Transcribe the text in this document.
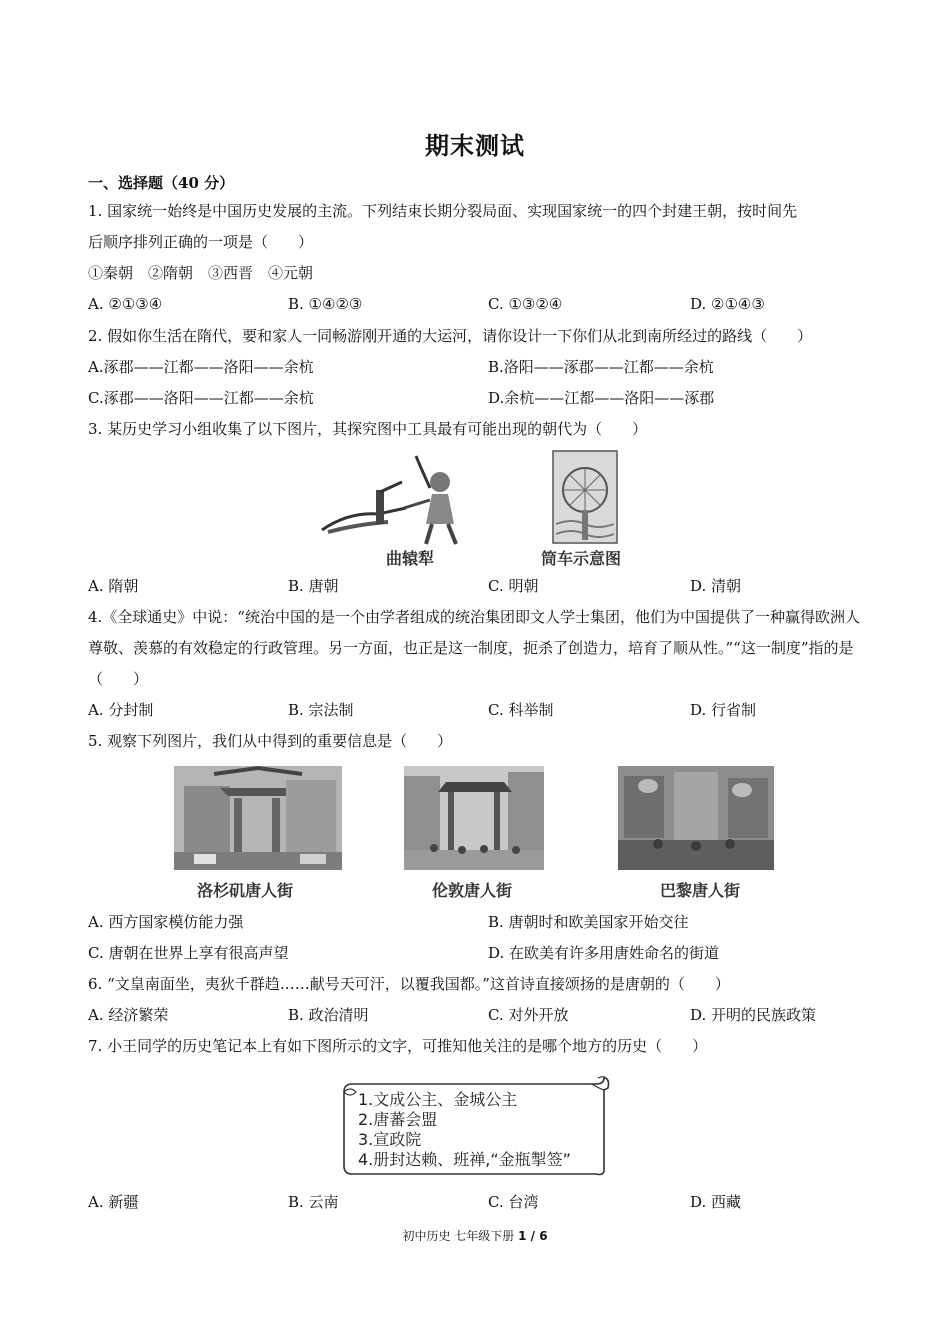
期末测试
一、选择题（40 分）
1. 国家统一始终是中国历史发展的主流。下列结束长期分裂局面、实现国家统一的四个封建王朝，按时间先
后顺序排列正确的一项是（　　）
①秦朝　②隋朝　③西晋　④元朝
A. ②①③④	B. ①④②③	C. ①③②④	D. ②①④③
2. 假如你生活在隋代，要和家人一同畅游刚开通的大运河，请你设计一下你们从北到南所经过的路线（　　）
A.涿郡——江都——洛阳——余杭	B.洛阳——涿郡——江都——余杭
C.涿郡——洛阳——江都——余杭	D.余杭——江都——洛阳——涿郡
3. 某历史学习小组收集了以下图片，其探究图中工具最有可能出现的朝代为（　　）
曲辕犁	筒车示意图
A. 隋朝	B. 唐朝	C. 明朝	D. 清朝
4.《全球通史》中说：“统治中国的是一个由学者组成的统治集团即文人学士集团，他们为中国提供了一种赢得欧洲人尊敬、羡慕的有效稳定的行政管理。另一方面，也正是这一制度，扼杀了创造力，培育了顺从性。”“这一制度”指的是（　　）
A. 分封制	B. 宗法制	C. 科举制	D. 行省制
5. 观察下列图片，我们从中得到的重要信息是（　　）
洛杉矶唐人街	伦敦唐人街	巴黎唐人街
A. 西方国家模仿能力强	B. 唐朝时和欧美国家开始交往
C. 唐朝在世界上享有很高声望	D. 在欧美有许多用唐姓命名的街道
6. “文皇南面坐，夷狄千群趋……献号天可汗，以覆我国都。”这首诗直接颂扬的是唐朝的（　　）
A. 经济繁荣	B. 政治清明	C. 对外开放	D. 开明的民族政策
7. 小王同学的历史笔记本上有如下图所示的文字，可推知他关注的是哪个地方的历史（　　）
1.文成公主、金城公主
2.唐蕃会盟
3.宣政院
4.册封达赖、班禅,“金瓶掣签”
A. 新疆	B. 云南	C. 台湾	D. 西藏
初中历史 七年级下册 1 / 6
